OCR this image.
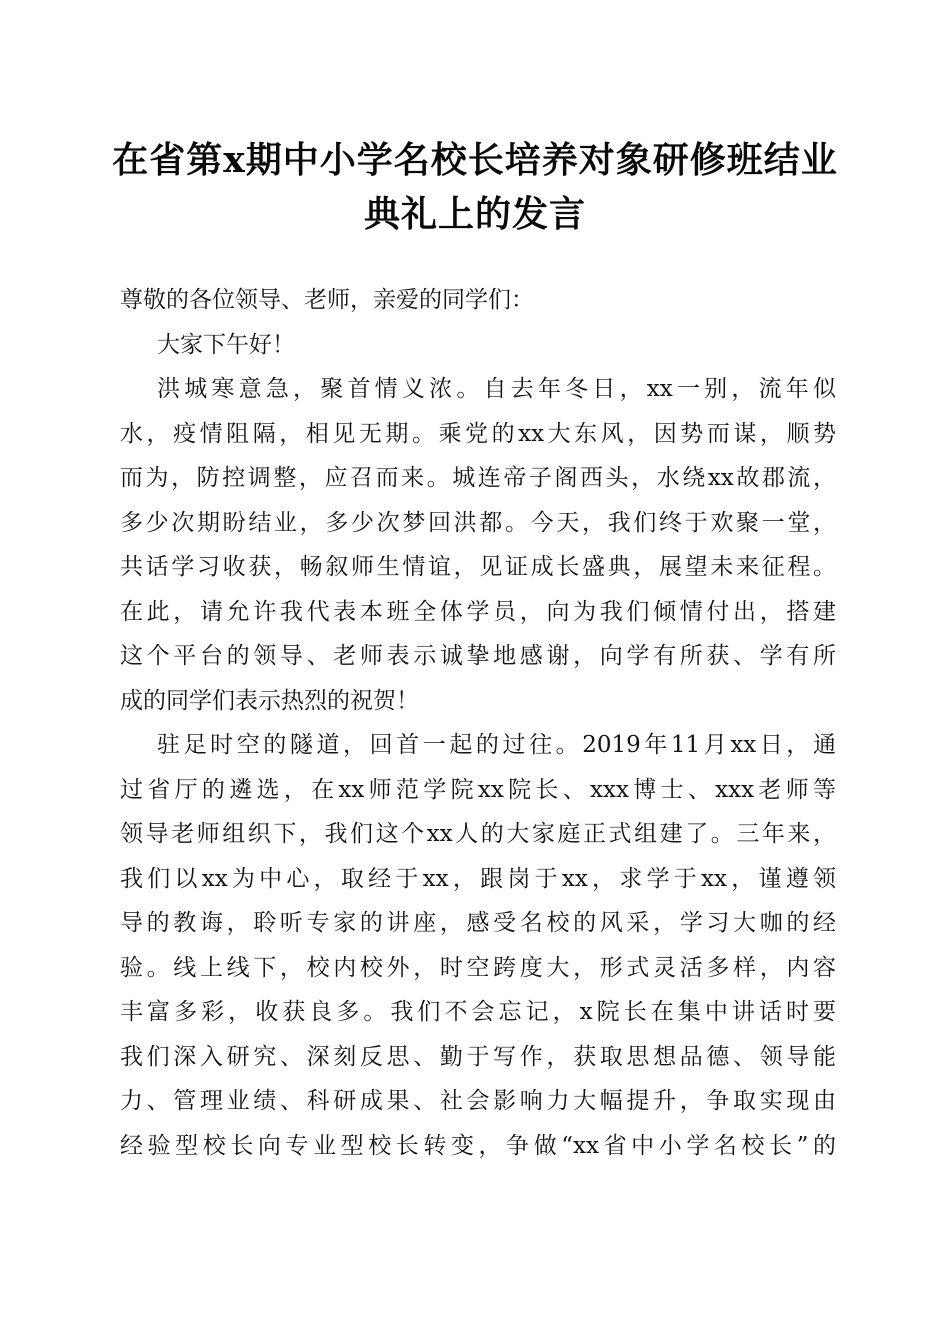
在省第x期中小学名校长培养对象研修班结业
典礼上的发言
尊敬的各位领导、老师，亲爱的同学们：
大家下午好！
洪城寒意急，聚首情义浓。自去年冬日，xx一别，流年似
水，疫情阻隔，相见无期。乘党的xx大东风，因势而谋，顺势
而为，防控调整，应召而来。城连帝子阁西头，水绕xx故郡流，
多少次期盼结业，多少次梦回洪都。今天，我们终于欢聚一堂，
共话学习收获，畅叙师生情谊，见证成长盛典，展望未来征程。
在此，请允许我代表本班全体学员，向为我们倾情付出，搭建
这个平台的领导、老师表示诚挚地感谢，向学有所获、学有所
成的同学们表示热烈的祝贺！
驻足时空的隧道，回首一起的过往。2019年11月xx日，通
过省厅的遴选，在xx师范学院xx院长、xxx博士、xxx老师等
领导老师组织下，我们这个xx人的大家庭正式组建了。三年来，
我们以xx为中心，取经于xx，跟岗于xx，求学于xx，谨遵领
导的教诲，聆听专家的讲座，感受名校的风采，学习大咖的经
验。线上线下，校内校外，时空跨度大，形式灵活多样，内容
丰富多彩，收获良多。我们不会忘记，x院长在集中讲话时要
我们深入研究、深刻反思、勤于写作，获取思想品德、领导能
力、管理业绩、科研成果、社会影响力大幅提升，争取实现由
经验型校长向专业型校长转变，争做“xx省中小学名校长”的
